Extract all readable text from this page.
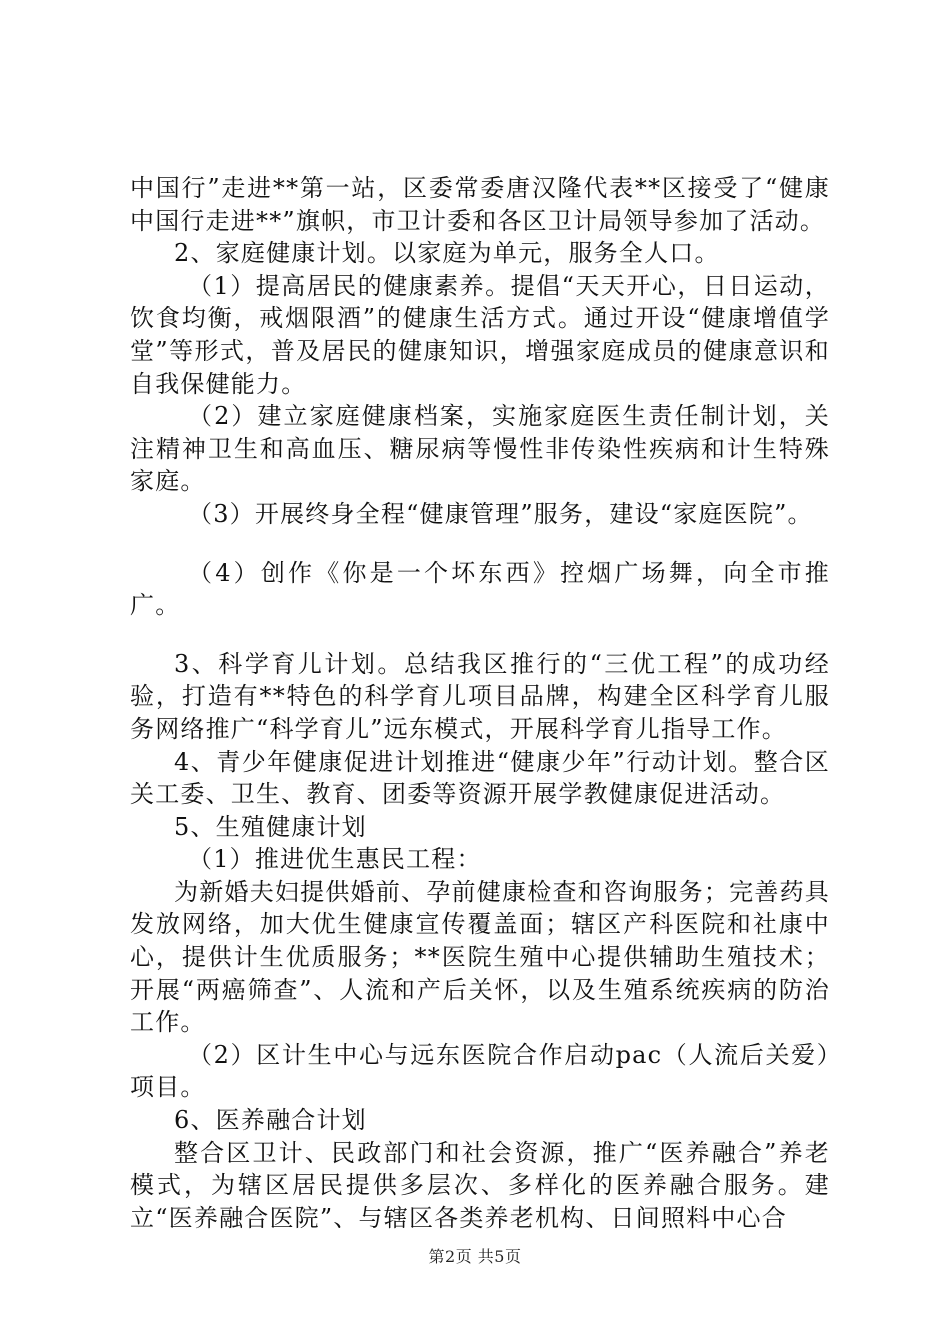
中国行”走进**第一站，区委常委唐汉隆代表**区接受了“健康中国行走进**”旗帜，市卫计委和各区卫计局领导参加了活动。

2、家庭健康计划。以家庭为单元，服务全人口。

（1）提高居民的健康素养。提倡“天天开心，日日运动，饮食均衡，戒烟限酒”的健康生活方式。通过开设“健康增值学堂”等形式，普及居民的健康知识，增强家庭成员的健康意识和自我保健能力。

（2）建立家庭健康档案，实施家庭医生责任制计划，关注精神卫生和高血压、糖尿病等慢性非传染性疾病和计生特殊家庭。

（3）开展终身全程“健康管理”服务，建设“家庭医院”。

（4）创作《你是一个坏东西》控烟广场舞，向全市推广。

3、科学育儿计划。总结我区推行的“三优工程”的成功经验，打造有**特色的科学育儿项目品牌，构建全区科学育儿服务网络推广“科学育儿”远东模式，开展科学育儿指导工作。

4、青少年健康促进计划推进“健康少年”行动计划。整合区关工委、卫生、教育、团委等资源开展学教健康促进活动。

5、生殖健康计划

（1）推进优生惠民工程：

为新婚夫妇提供婚前、孕前健康检查和咨询服务；完善药具发放网络，加大优生健康宣传覆盖面；辖区产科医院和社康中心，提供计生优质服务；**医院生殖中心提供辅助生殖技术；开展“两癌筛查”、人流和产后关怀，以及生殖系统疾病的防治工作。

（2）区计生中心与远东医院合作启动pac（人流后关爱）项目。

6、医养融合计划

整合区卫计、民政部门和社会资源，推广“医养融合”养老模式，为辖区居民提供多层次、多样化的医养融合服务。建立“医养融合医院”、与辖区各类养老机构、日间照料中心合

第2页 共5页
